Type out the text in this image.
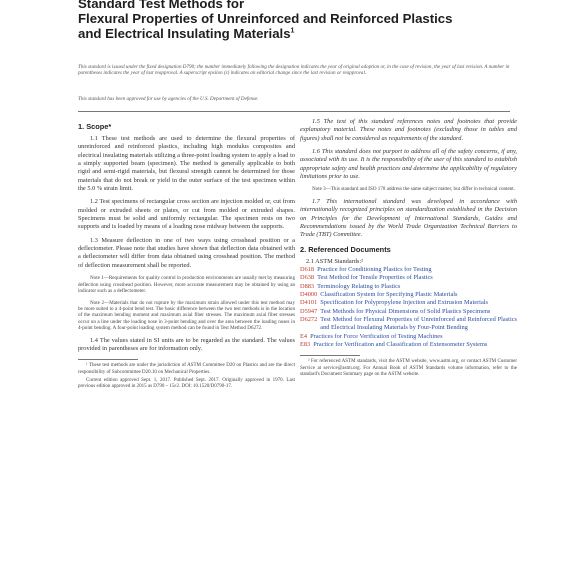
Standard Test Methods for
Flexural Properties of Unreinforced and Reinforced Plastics
and Electrical Insulating Materials$^1$
This standard is issued under the fixed designation D790; the number immediately following the designation indicates the year of original adoption or, in the case of revision, the year of last revision. A number in parentheses indicates the year of last reapproval. A superscript epsilon (ε) indicates an editorial change since the last revision or reapproval.
This standard has been approved for use by agencies of the U.S. Department of Defense.
1. Scope*

1.1 These test methods are used to determine the flexural properties of unreinforced and reinforced plastics, including high modulus composites and electrical insulating materials utilizing a three-point loading system to apply a load to a simply supported beam (specimen). The method is generally applicable to both rigid and semi-rigid materials, but flexural strength cannot be determined for those materials that do not break or yield in the outer surface of the test specimen within the 5.0 % strain limit.

1.2 Test specimens of rectangular cross section are injection molded or, cut from molded or extruded sheets or plates, or cut from molded or extruded shapes. Specimens must be solid and uniformly rectangular. The specimen rests on two supports and is loaded by means of a loading nose midway between the supports.

1.3 Measure deflection in one of two ways using crosshead position or a deflectometer. Please note that studies have shown that deflection data obtained with a deflectometer will differ from data obtained using crosshead position. The method of deflection measurement shall be reported.

Note 1—Requirements for quality control in production environments are usually met by measuring deflection using crosshead position. However, more accurate measurement may be obtained by using an indicator such as a deflectometer.

Note 2—Materials that do not rupture by the maximum strain allowed under this test method may be more suited to a 4-point bend test. The basic difference between the two test methods is in the location of the maximum bending moment and maximum axial fiber stresses. The maximum axial fiber stresses occur on a line under the loading nose in 3-point bending and over the area between the loading noses in 4-point bending. A four-point loading system method can be found in Test Method D6272.

1.4 The values stated in SI units are to be regarded as the standard. The values provided in parentheses are for information only.

¹ These test methods are under the jurisdiction of ASTM Committee D20 on Plastics and are the direct responsibility of Subcommittee D20.10 on Mechanical Properties.

Current edition approved Sept. 1, 2017. Published Sept. 2017. Originally approved in 1970. Last previous edition approved in 2015 as D790 – 15ε2. DOI: 10.1520/D0790-17.

1.5 The text of this standard references notes and footnotes that provide explanatory material. These notes and footnotes (excluding those in tables and figures) shall not be considered as requirements of the standard.

1.6 This standard does not purport to address all of the safety concerns, if any, associated with its use. It is the responsibility of the user of this standard to establish appropriate safety and health practices and determine the applicability of regulatory limitations prior to use.

Note 3—This standard and ISO 178 address the same subject matter, but differ in technical content.

1.7 This international standard was developed in accordance with internationally recognized principles on standardization established in the Decision on Principles for the Development of International Standards, Guides and Recommendations issued by the World Trade Organization Technical Barriers to Trade (TBT) Committee.

2. Referenced Documents
2.1 ASTM Standards:²
D618 Practice for Conditioning Plastics for Testing
D638 Test Method for Tensile Properties of Plastics
D883 Terminology Relating to Plastics
D4000 Classification System for Specifying Plastic Materials
D4101 Specification for Polypropylene Injection and Extrusion Materials
D5947 Test Methods for Physical Dimensions of Solid Plastics Specimens
D6272 Test Method for Flexural Properties of Unreinforced and Reinforced Plastics and Electrical Insulating Materials by Four-Point Bending
E4 Practices for Force Verification of Testing Machines
E83 Practice for Verification and Classification of Extensometer Systems

² For referenced ASTM standards, visit the ASTM website, www.astm.org, or contact ASTM Customer Service at service@astm.org. For Annual Book of ASTM Standards volume information, refer to the standard's Document Summary page on the ASTM website.
